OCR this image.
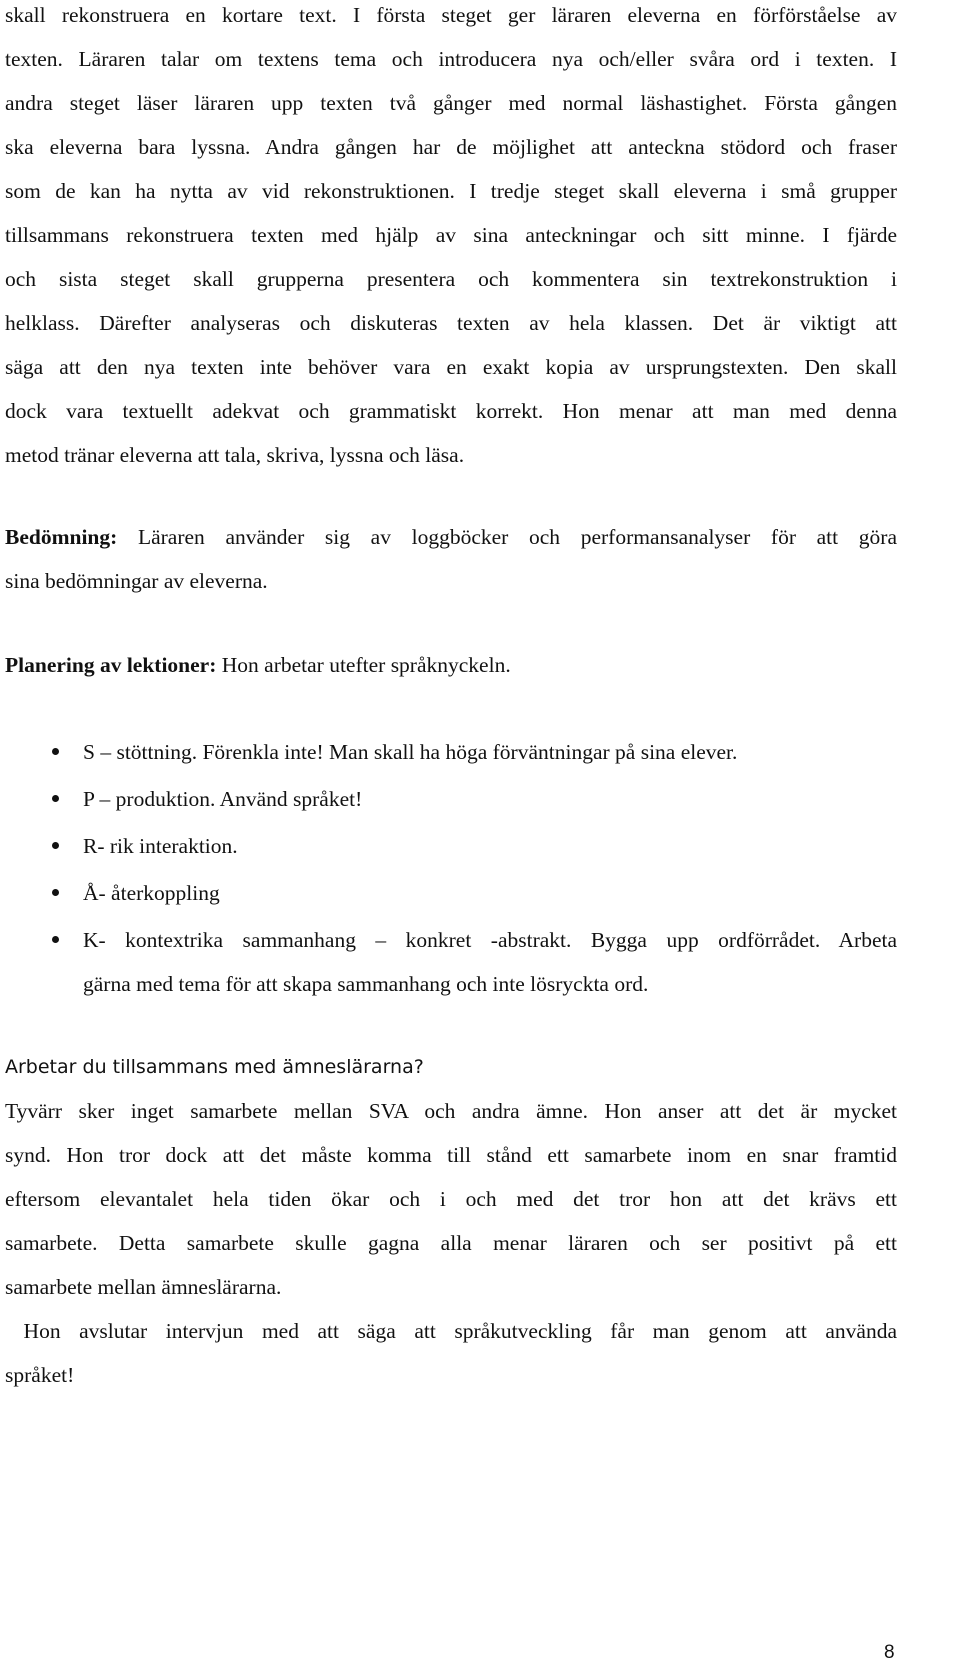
skall rekonstruera en kortare text. I första steget ger läraren eleverna en förförståelse av
texten. Läraren talar om textens tema och introducera nya och/eller svåra ord i texten. I
andra steget läser läraren upp texten två gånger med normal läshastighet. Första gången
ska eleverna bara lyssna. Andra gången har de möjlighet att anteckna stödord och fraser
som de kan ha nytta av vid rekonstruktionen. I tredje steget skall eleverna i små grupper
tillsammans rekonstruera texten med hjälp av sina anteckningar och sitt minne. I fjärde
och sista steget skall grupperna presentera och kommentera sin textrekonstruktion i
helklass. Därefter analyseras och diskuteras texten av hela klassen. Det är viktigt att
säga att den nya texten inte behöver vara en exakt kopia av ursprungstexten. Den skall
dock vara textuellt adekvat och grammatiskt korrekt. Hon menar att man med denna
metod tränar eleverna att tala, skriva, lyssna och läsa.
Bedömning: Läraren använder sig av loggböcker och performansanalyser för att göra
sina bedömningar av eleverna.
Planering av lektioner: Hon arbetar utefter språknyckeln.
S – stöttning. Förenkla inte! Man skall ha höga förväntningar på sina elever.
P – produktion. Använd språket!
R- rik interaktion.
Å- återkoppling
K- kontextrika sammanhang – konkret -abstrakt. Bygga upp ordförrådet. Arbeta
gärna med tema för att skapa sammanhang och inte lösryckta ord.
Arbetar du tillsammans med ämneslärarna?
Tyvärr sker inget samarbete mellan SVA och andra ämne. Hon anser att det är mycket
synd. Hon tror dock att det måste komma till stånd ett samarbete inom en snar framtid
eftersom elevantalet hela tiden ökar och i och med det tror hon att det krävs ett
samarbete. Detta samarbete skulle gagna alla menar läraren och ser positivt på ett
samarbete mellan ämneslärarna.
Hon avslutar intervjun med att säga att språkutveckling får man genom att använda
språket!
8
